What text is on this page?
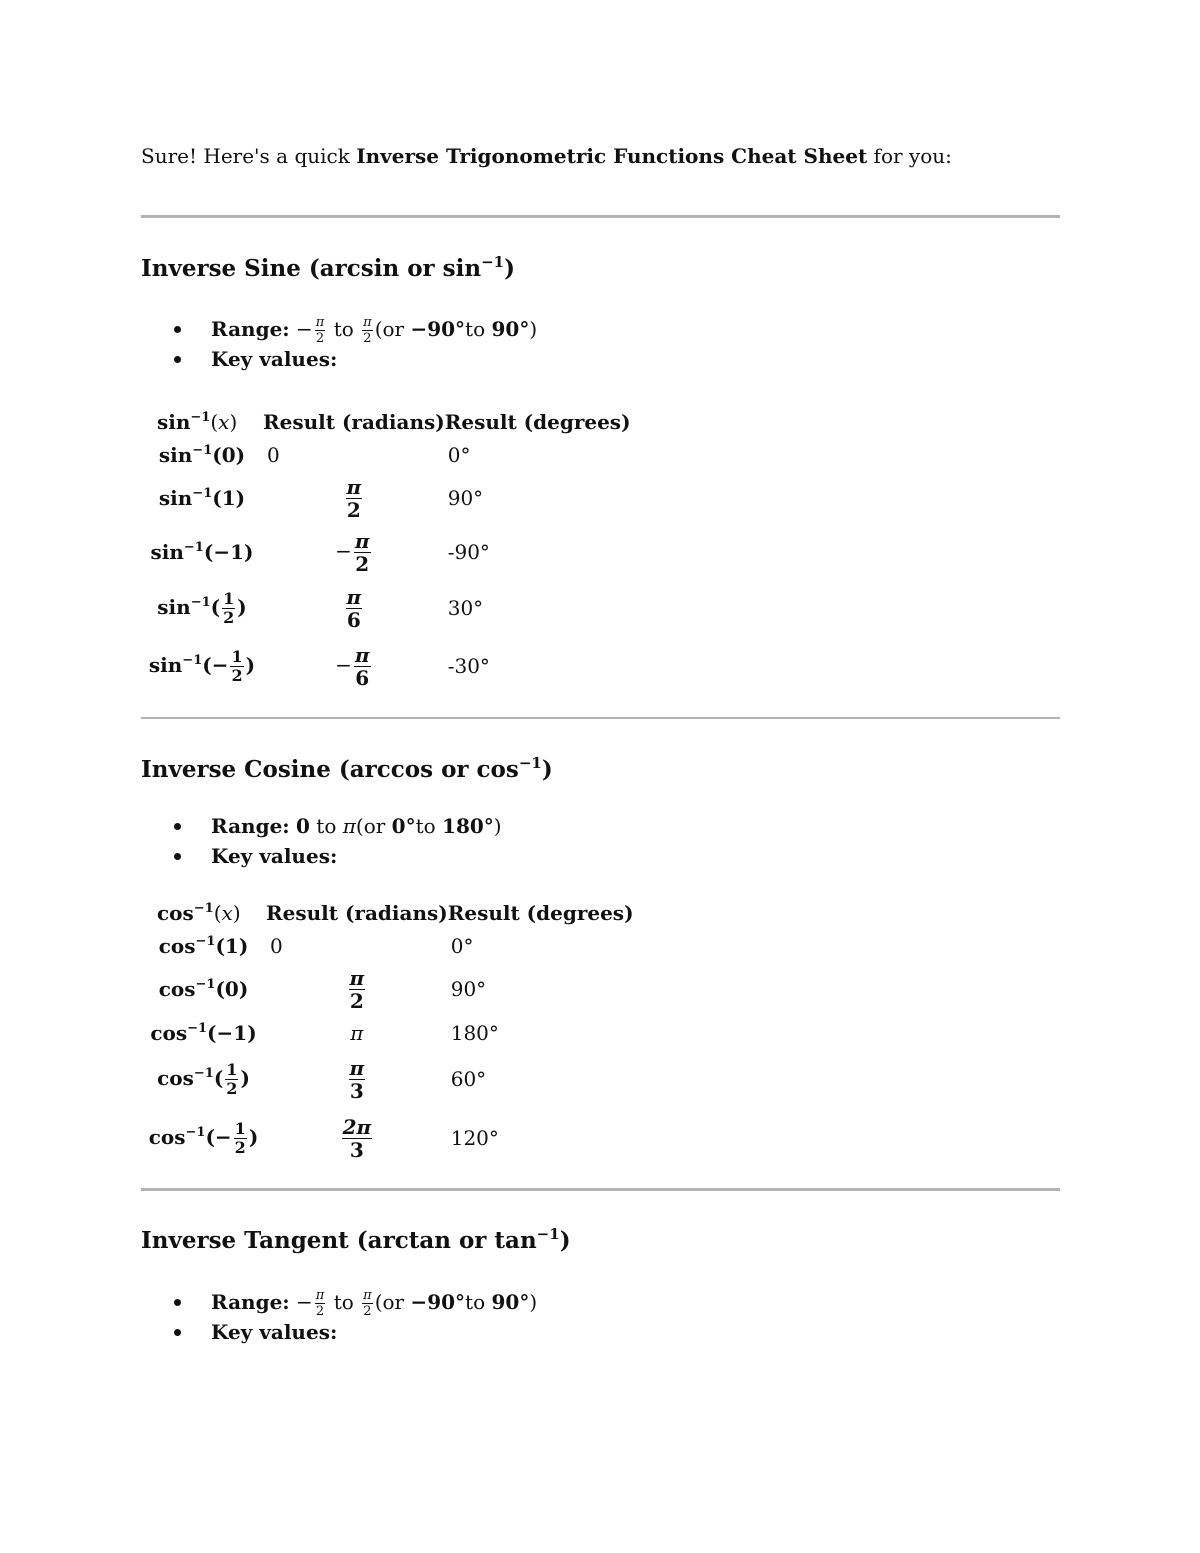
Sure! Here's a quick Inverse Trigonometric Functions Cheat Sheet for you:
Inverse Sine (arcsin or $\sin^{-1}$)
Range: − $\frac{\pi}{2}$ to $\frac{\pi}{2} (or -90^\circ to$ 90°)
Key values:
$\sin^{-1}(x)$	Result (radians)	Result (degrees)
$\sin^{-1}(0)$	0	0°
$\sin^{-1}(1)$	$\frac{\pi}{2}$	90°
$\sin^{-1}(-1)$	− $\frac{\pi}{2}$	-90°
$\sin^{-1}( \frac{1}{2}$ )	$\frac{\pi}{6}$	30°
$\sin^{-1}(- \frac{1}{2}$ )	− $\frac{\pi}{6}$	-30°
Inverse Cosine (arccos or $\cos^{-1}$)
Range: 0 to π(or 0°to 180°)
Key values:
$\cos^{-1}(x)$	Result (radians)	Result (degrees)
$\cos^{-1}(1)$	0	0°
$\cos^{-1}(0)$	$\frac{\pi}{2}$	90°
$\cos^{-1}(-1)$	π	180°
$\cos^{-1}( \frac{1}{2}$ )	$\frac{\pi}{3}$	60°
$\cos^{-1}(- \frac{1}{2}$ )	$\frac{2\pi}{3}$	120°
Inverse Tangent (arctan or $\tan^{-1}$)
Range: − $\frac{\pi}{2}$ to $\frac{\pi}{2} (or -90^\circ to$ 90°)
Key values:
